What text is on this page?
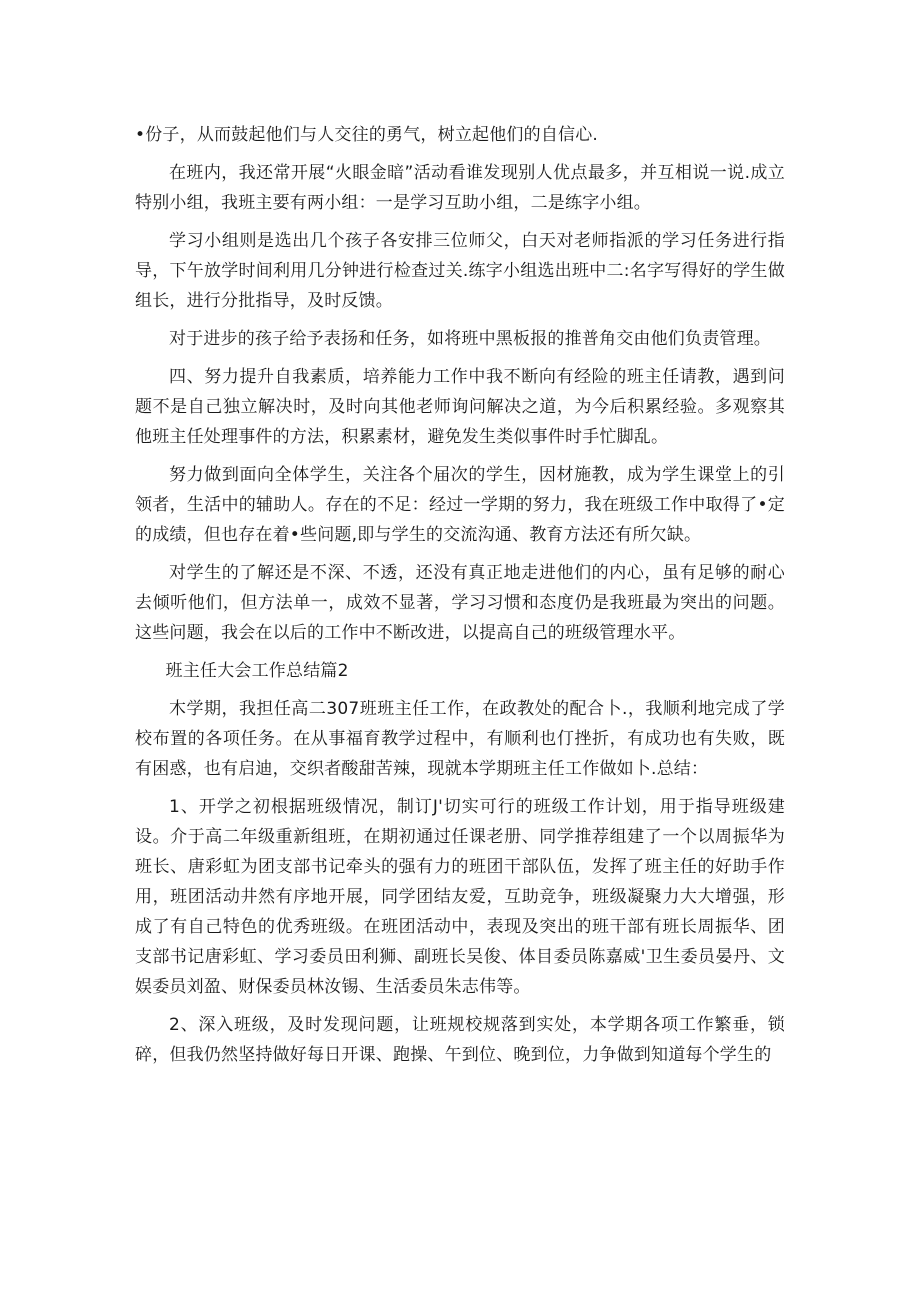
•份子，从而鼓起他们与人交往的勇气，树立起他们的自信心.

在班内，我还常开展“火眼金暗”活动看谁发现别人优点最多，并互相说一说.成立特别小组，我班主要有两小组：一是学习互助小组，二是练字小组。

学习小组则是选出几个孩子各安排三位师父，白天对老师指派的学习任务进行指导，下午放学时间利用几分钟进行检查过关.练字小组选出班中二:名字写得好的学生做组长，进行分批指导，及时反馈。

对于进步的孩子给予表扬和任务，如将班中黑板报的推普角交由他们负责管理。

四、努力提升自我素质，培养能力工作中我不断向有经险的班主任请教，遇到问题不是自己独立解决时，及时向其他老师询问解决之道，为今后积累经验。多观察其他班主任处理事件的方法，积累素材，避免发生类似事件时手忙脚乱。

努力做到面向全体学生，关注各个届次的学生，因材施教，成为学生课堂上的引领者，生活中的辅助人。存在的不足：经过一学期的努力，我在班级工作中取得了•定的成绩，但也存在着•些问题,即与学生的交流沟通、教育方法还有所欠缺。

对学生的了解还是不深、不透，还没有真正地走进他们的内心，虽有足够的耐心去倾听他们，但方法单一，成效不显著，学习习惯和态度仍是我班最为突出的问题。这些问题，我会在以后的工作中不断改进，以提高自己的班级管理水平。

班主任大会工作总结篇2

木学期，我担任高二307班班主任工作，在政教处的配合卜.，我顺利地完成了学校布置的各项任务。在从事福育教学过程中，有顺利也仃挫折，有成功也有失败，既有困惑，也有启迪，交织者酸甜苦辣，现就本学期班主任工作做如卜.总结：

1、开学之初根据班级情况，制订J'切实可行的班级工作计划，用于指导班级建设。介于高二年级重新组班，在期初通过任课老册、同学推荐组建了一个以周振华为班长、唐彩虹为团支部书记牵头的强有力的班团干部队伍，发挥了班主任的好助手作用，班团活动井然有序地开展，同学团结友爱，互助竞争，班级凝聚力大大增强，形成了有自己特色的优秀班级。在班团活动中，表现及突出的班干部有班长周振华、团支部书记唐彩虹、学习委员田利狮、副班长吴俊、体目委员陈嘉威'卫生委员晏丹、文娱委员刘盈、财保委员林汝锡、生活委员朱志伟等。

2、深入班级，及时发现问题，让班规校规落到实处，本学期各项工作繁垂，锁碎，但我仍然坚持做好每日开课、跑操、午到位、晚到位，力争做到知道每个学生的
